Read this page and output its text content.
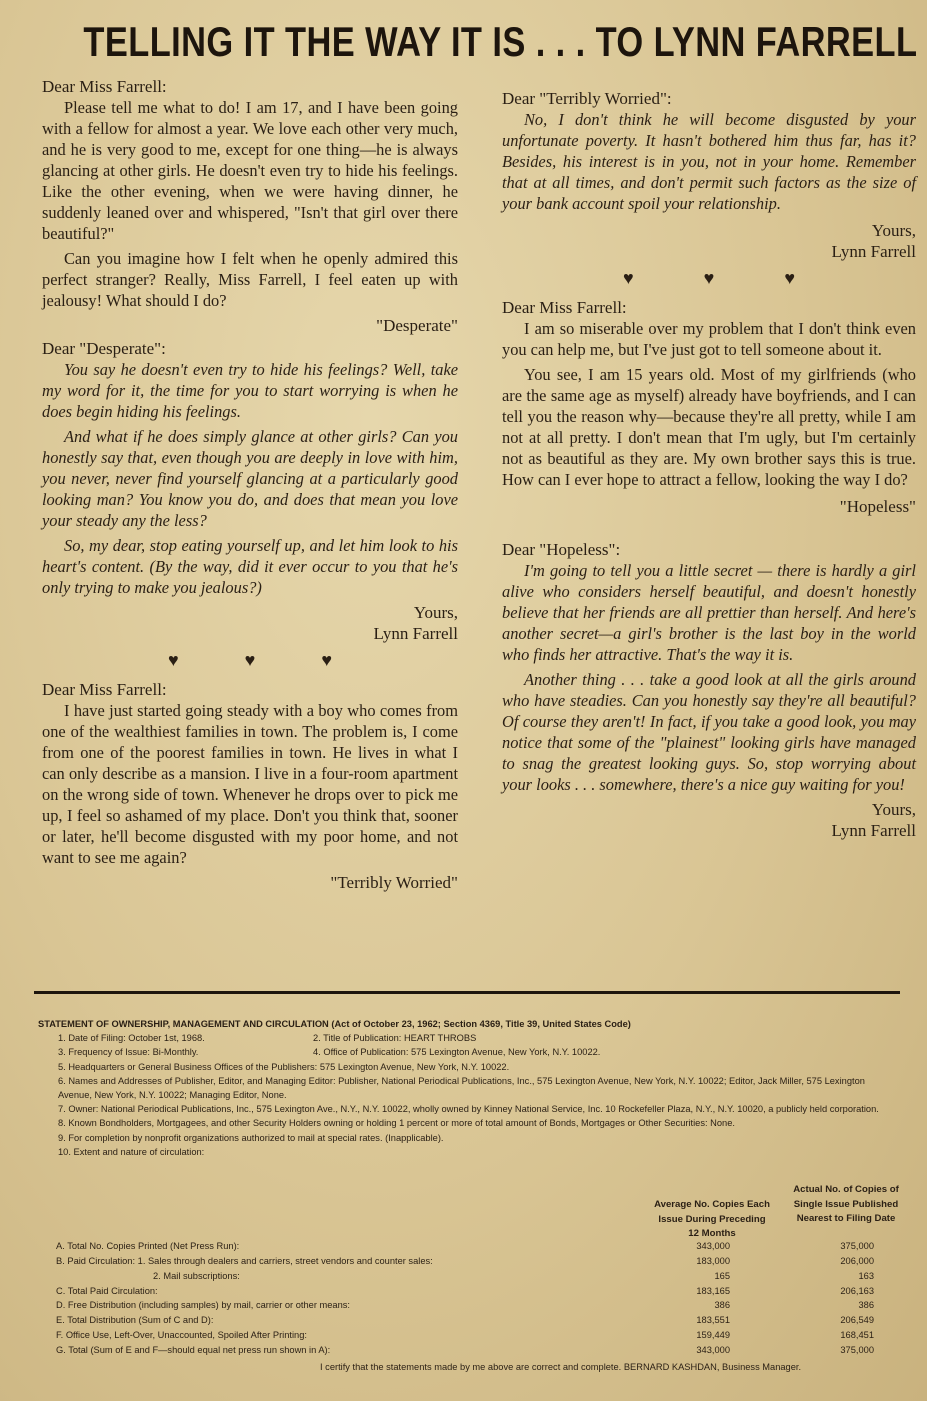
TELLING IT THE WAY IT IS . . . TO LYNN FARRELL

Dear Miss Farrell:

Please tell me what to do! I am 17, and I have been going with a fellow for almost a year. We love each other very much, and he is very good to me, except for one thing—he is always glancing at other girls. He doesn't even try to hide his feelings. Like the other evening, when we were having dinner, he suddenly leaned over and whispered, "Isn't that girl over there beautiful?"

Can you imagine how I felt when he openly admired this perfect stranger? Really, Miss Farrell, I feel eaten up with jealousy! What should I do?

"Desperate"

Dear "Desperate":

You say he doesn't even try to hide his feelings? Well, take my word for it, the time for you to start worrying is when he does begin hiding his feelings.

And what if he does simply glance at other girls? Can you honestly say that, even though you are deeply in love with him, you never, never find yourself glancing at a particularly good looking man? You know you do, and does that mean you love your steady any the less?

So, my dear, stop eating yourself up, and let him look to his heart's content. (By the way, did it ever occur to you that he's only trying to make you jealous?)

Yours,

Lynn Farrell

♥	♥	♥

Dear Miss Farrell:

I have just started going steady with a boy who comes from one of the wealthiest families in town. The problem is, I come from one of the poorest families in town. He lives in what I can only describe as a mansion. I live in a four-room apartment on the wrong side of town. Whenever he drops over to pick me up, I feel so ashamed of my place. Don't you think that, sooner or later, he'll become disgusted with my poor home, and not want to see me again?

"Terribly Worried"

Dear "Terribly Worried":

No, I don't think he will become disgusted by your unfortunate poverty. It hasn't bothered him thus far, has it? Besides, his interest is in you, not in your home. Remember that at all times, and don't permit such factors as the size of your bank account spoil your relationship.

Yours,

Lynn Farrell

♥	♥	♥

Dear Miss Farrell:

I am so miserable over my problem that I don't think even you can help me, but I've just got to tell someone about it.

You see, I am 15 years old. Most of my girlfriends (who are the same age as myself) already have boyfriends, and I can tell you the reason why—because they're all pretty, while I am not at all pretty. I don't mean that I'm ugly, but I'm certainly not as beautiful as they are. My own brother says this is true. How can I ever hope to attract a fellow, looking the way I do?

"Hopeless"

Dear "Hopeless":

I'm going to tell you a little secret — there is hardly a girl alive who considers herself beautiful, and doesn't honestly believe that her friends are all prettier than herself. And here's another secret—a girl's brother is the last boy in the world who finds her attractive. That's the way it is.

Another thing . . . take a good look at all the girls around who have steadies. Can you honestly say they're all beautiful? Of course they aren't! In fact, if you take a good look, you may notice that some of the "plainest" looking girls have managed to snag the greatest looking guys. So, stop worrying about your looks . . . somewhere, there's a nice guy waiting for you!

Yours,

Lynn Farrell

STATEMENT OF OWNERSHIP, MANAGEMENT AND CIRCULATION (Act of October 23, 1962; Section 4369, Title 39, United States Code)

1. Date of Filing: October 1st, 1968.	2. Title of Publication: HEART THROBS

3. Frequency of Issue: Bi-Monthly.	4. Office of Publication: 575 Lexington Avenue, New York, N.Y. 10022.

5. Headquarters or General Business Offices of the Publishers: 575 Lexington Avenue, New York, N.Y. 10022.

6. Names and Addresses of Publisher, Editor, and Managing Editor: Publisher, National Periodical Publications, Inc., 575 Lexington Avenue, New York, N.Y. 10022; Editor, Jack Miller, 575 Lexington Avenue, New York, N.Y. 10022; Managing Editor, None.

7. Owner: National Periodical Publications, Inc., 575 Lexington Ave., N.Y., N.Y. 10022, wholly owned by Kinney National Service, Inc. 10 Rockefeller Plaza, N.Y., N.Y. 10020, a publicly held corporation.

8. Known Bondholders, Mortgagees, and other Security Holders owning or holding 1 percent or more of total amount of Bonds, Mortgages or Other Securities: None.

9. For completion by nonprofit organizations authorized to mail at special rates. (Inapplicable).

10. Extent and nature of circulation:

Average No. Copies Each Issue During Preceding 12 Months
Actual No. of Copies of Single Issue Published Nearest to Filing Date
A. Total No. Copies Printed (Net Press Run):	343,000	375,000
B. Paid Circulation: 1. Sales through dealers and carriers, street vendors and counter sales:	183,000	206,000
2. Mail subscriptions:	165	163
C. Total Paid Circulation:	183,165	206,163
D. Free Distribution (including samples) by mail, carrier or other means:	386	386
E. Total Distribution (Sum of C and D):	183,551	206,549
F. Office Use, Left-Over, Unaccounted, Spoiled After Printing:	159,449	168,451
G. Total (Sum of E and F—should equal net press run shown in A):	343,000	375,000
I certify that the statements made by me above are correct and complete. BERNARD KASHDAN, Business Manager.
